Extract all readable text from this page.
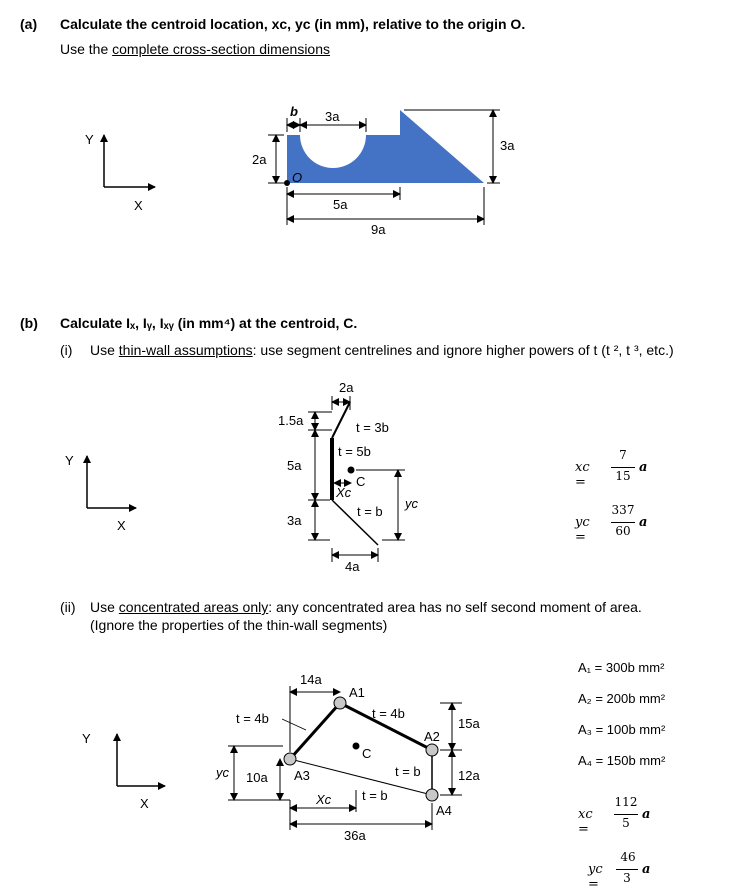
(a) Calculate the centroid location, xᴄ, yᴄ (in mm), relative to the origin O.
Use the complete cross-section dimensions
(b) Calculate Iₓ, Iᵧ, Iₓᵧ (in mm⁴) at the centroid, C.
(i) Use thin-wall assumptions: use segment centrelines and ignore higher powers of t (t ², t ³, etc.)
(ii) Use concentrated areas only: any concentrated area has no self second moment of area.
(Ignore the properties of the thin-wall segments)
A₁ = 300b mm²
A₂ = 200b mm²
A₃ = 100b mm²
A₄ = 150b mm²
xc =
7
15
a
yc =
337
60
a
xc =
112
5
a
yc =
46
3
a
Y
X
O
b 3a
2a
3a
5a
9a
Y
X
C
2a
1.5a
5a
3a
4a
Xc
yc
t = 3b
t = 5b
t = b
Y
X
C
A1
A2
A3
A4
14a
15a
12a
yc 10a
Xc
36a
t = 4b	t = 4b
t = b
t = b
